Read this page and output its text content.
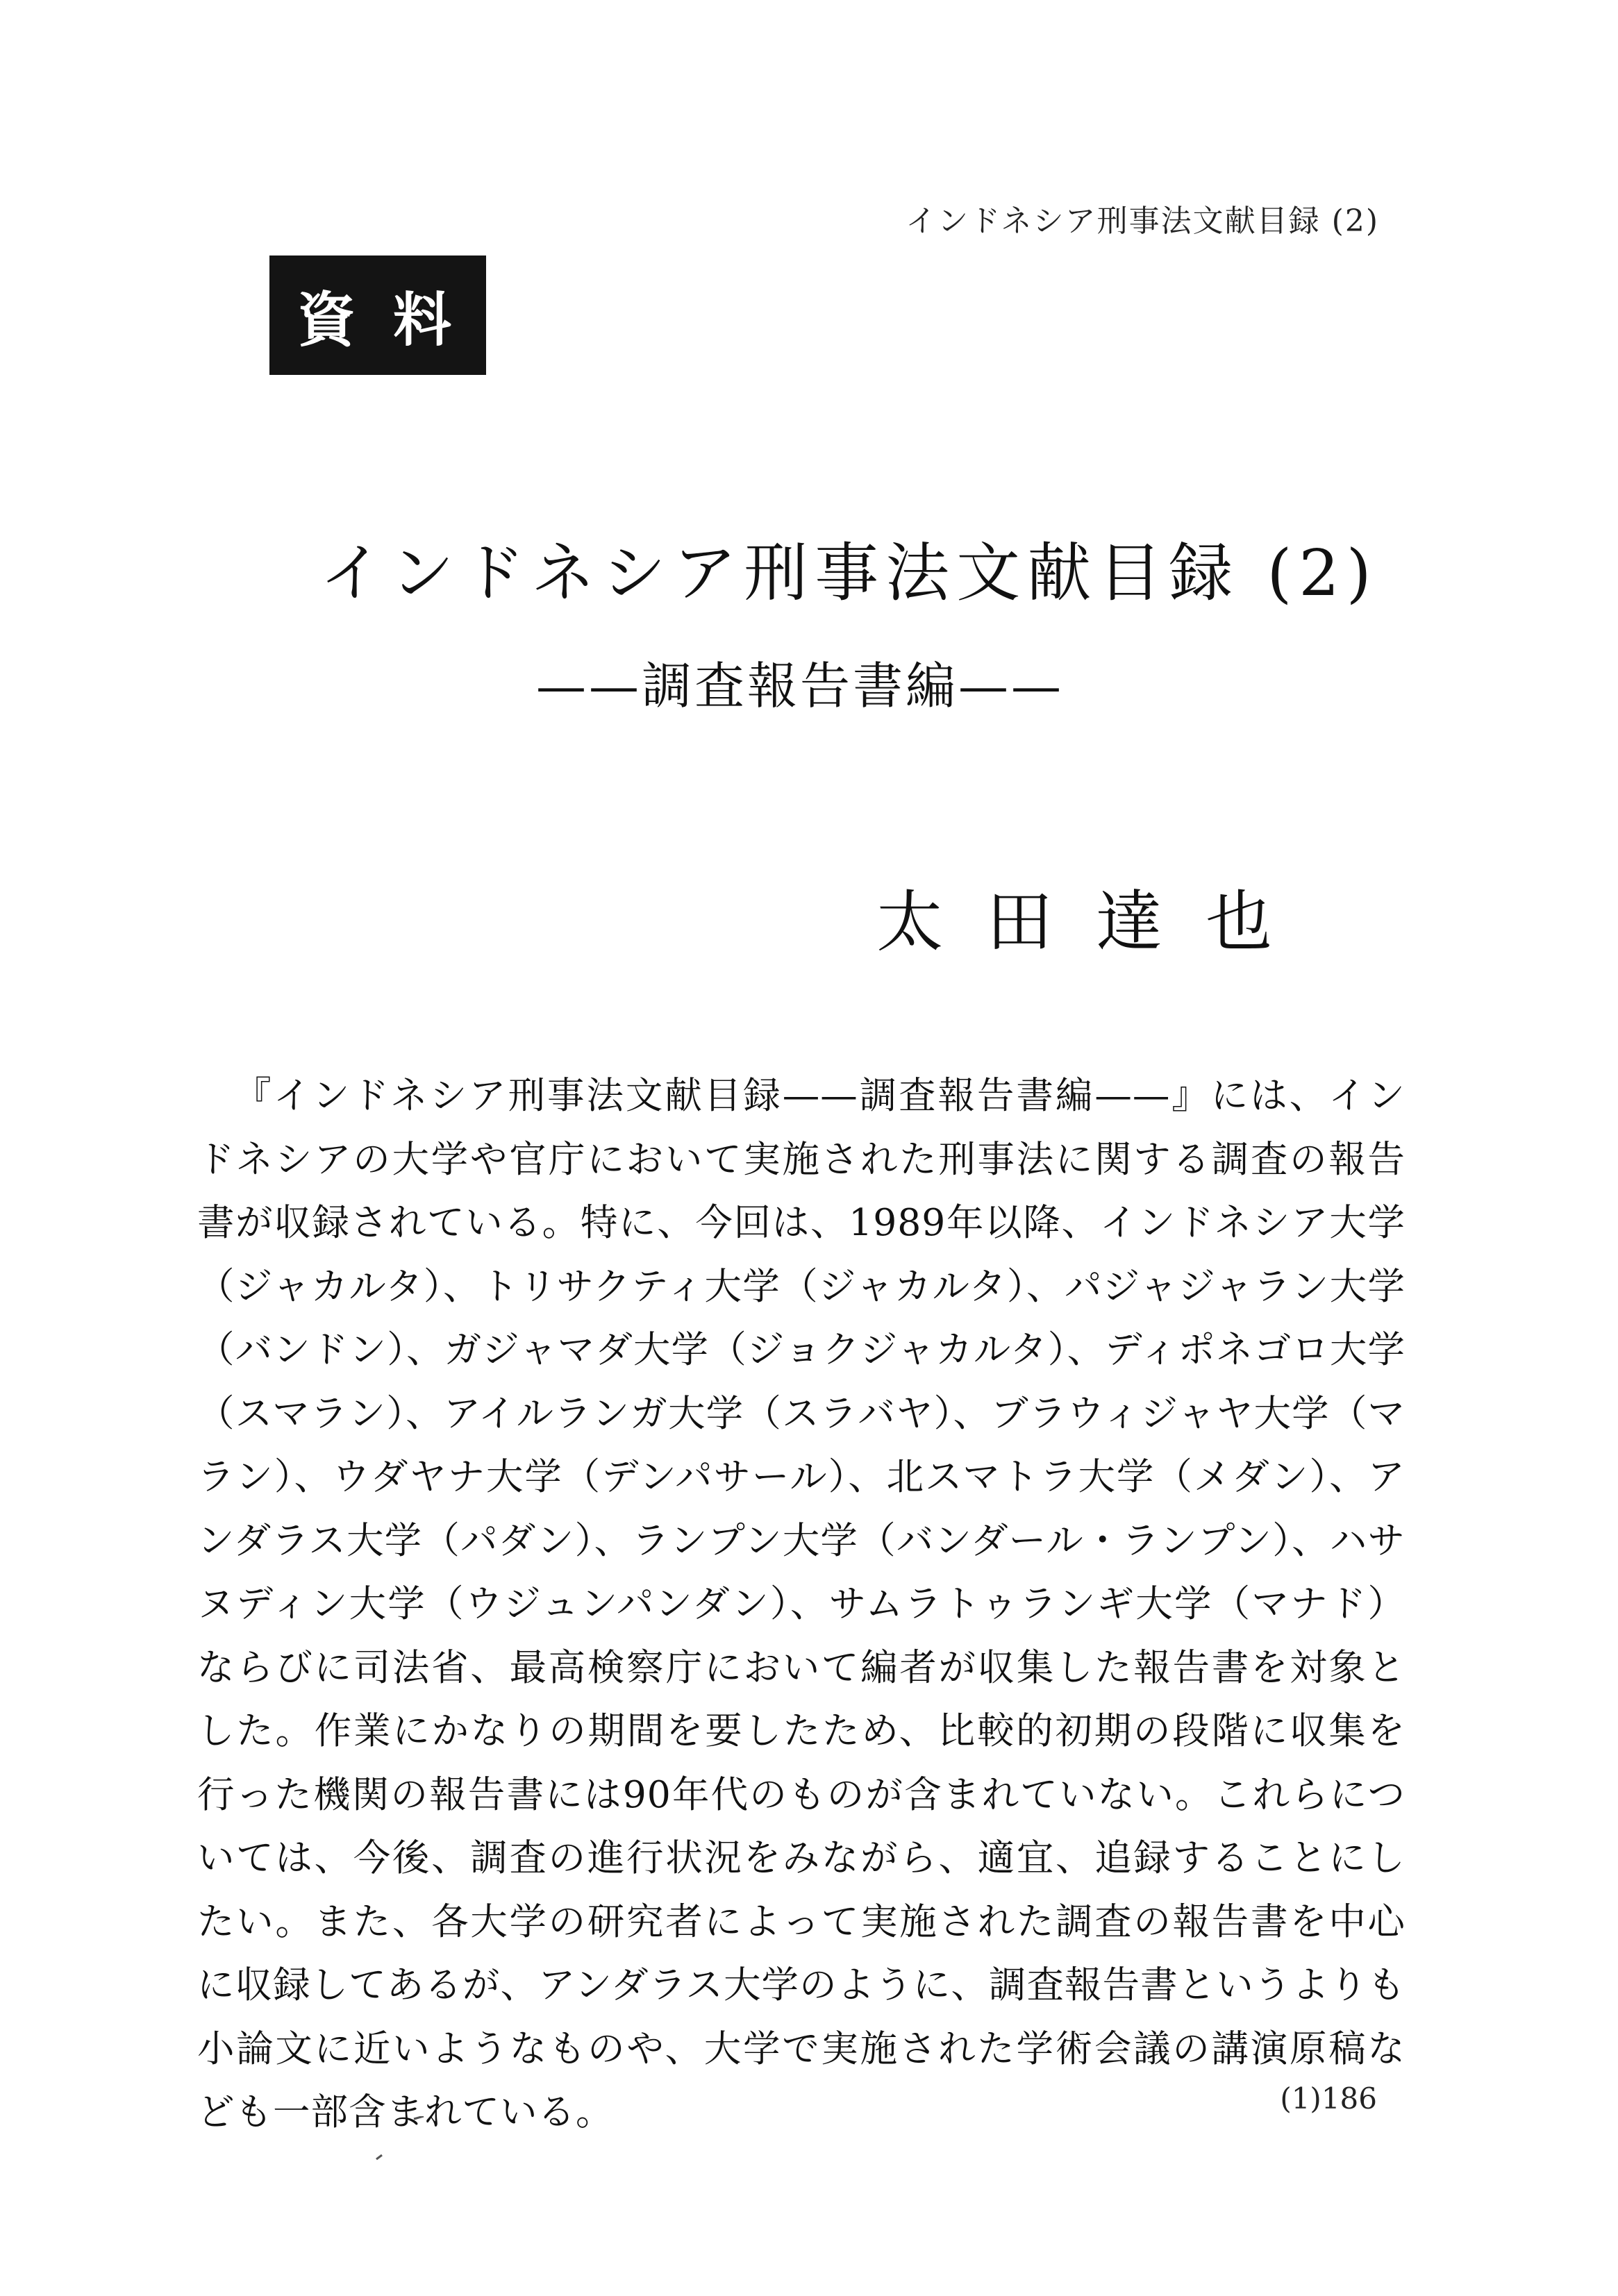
インドネシア刑事法文献目録 (2)
資料
インドネシア刑事法文献目録 (2)
——調査報告書編——
太田達也

『インドネシア刑事法文献目録——調査報告書編——』には、インドネシアの大学や官庁において実施された刑事法に関する調査の報告書が収録されている。特に、今回は、1989年以降、インドネシア大学（ジャカルタ）、トリサクティ大学（ジャカルタ）、パジャジャラン大学（バンドン）、ガジャマダ大学（ジョクジャカルタ）、ディポネゴロ大学（スマラン）、アイルランガ大学（スラバヤ）、ブラウィジャヤ大学（マラン）、ウダヤナ大学（デンパサール）、北スマトラ大学（メダン）、アンダラス大学（パダン）、ランプン大学（バンダール・ランプン）、ハサヌディン大学（ウジュンパンダン）、サムラトゥランギ大学（マナド）ならびに司法省、最高検察庁において編者が収集した報告書を対象とした。作業にかなりの期間を要したため、比較的初期の段階に収集を行った機関の報告書には90年代のものが含まれていない。これらについては、今後、調査の進行状況をみながら、適宜、追録することにしたい。また、各大学の研究者によって実施された調査の報告書を中心に収録してあるが、アンダラス大学のように、調査報告書というよりも小論文に近いようなものや、大学で実施された学術会議の講演原稿なども一部含まれている。	(1)186
